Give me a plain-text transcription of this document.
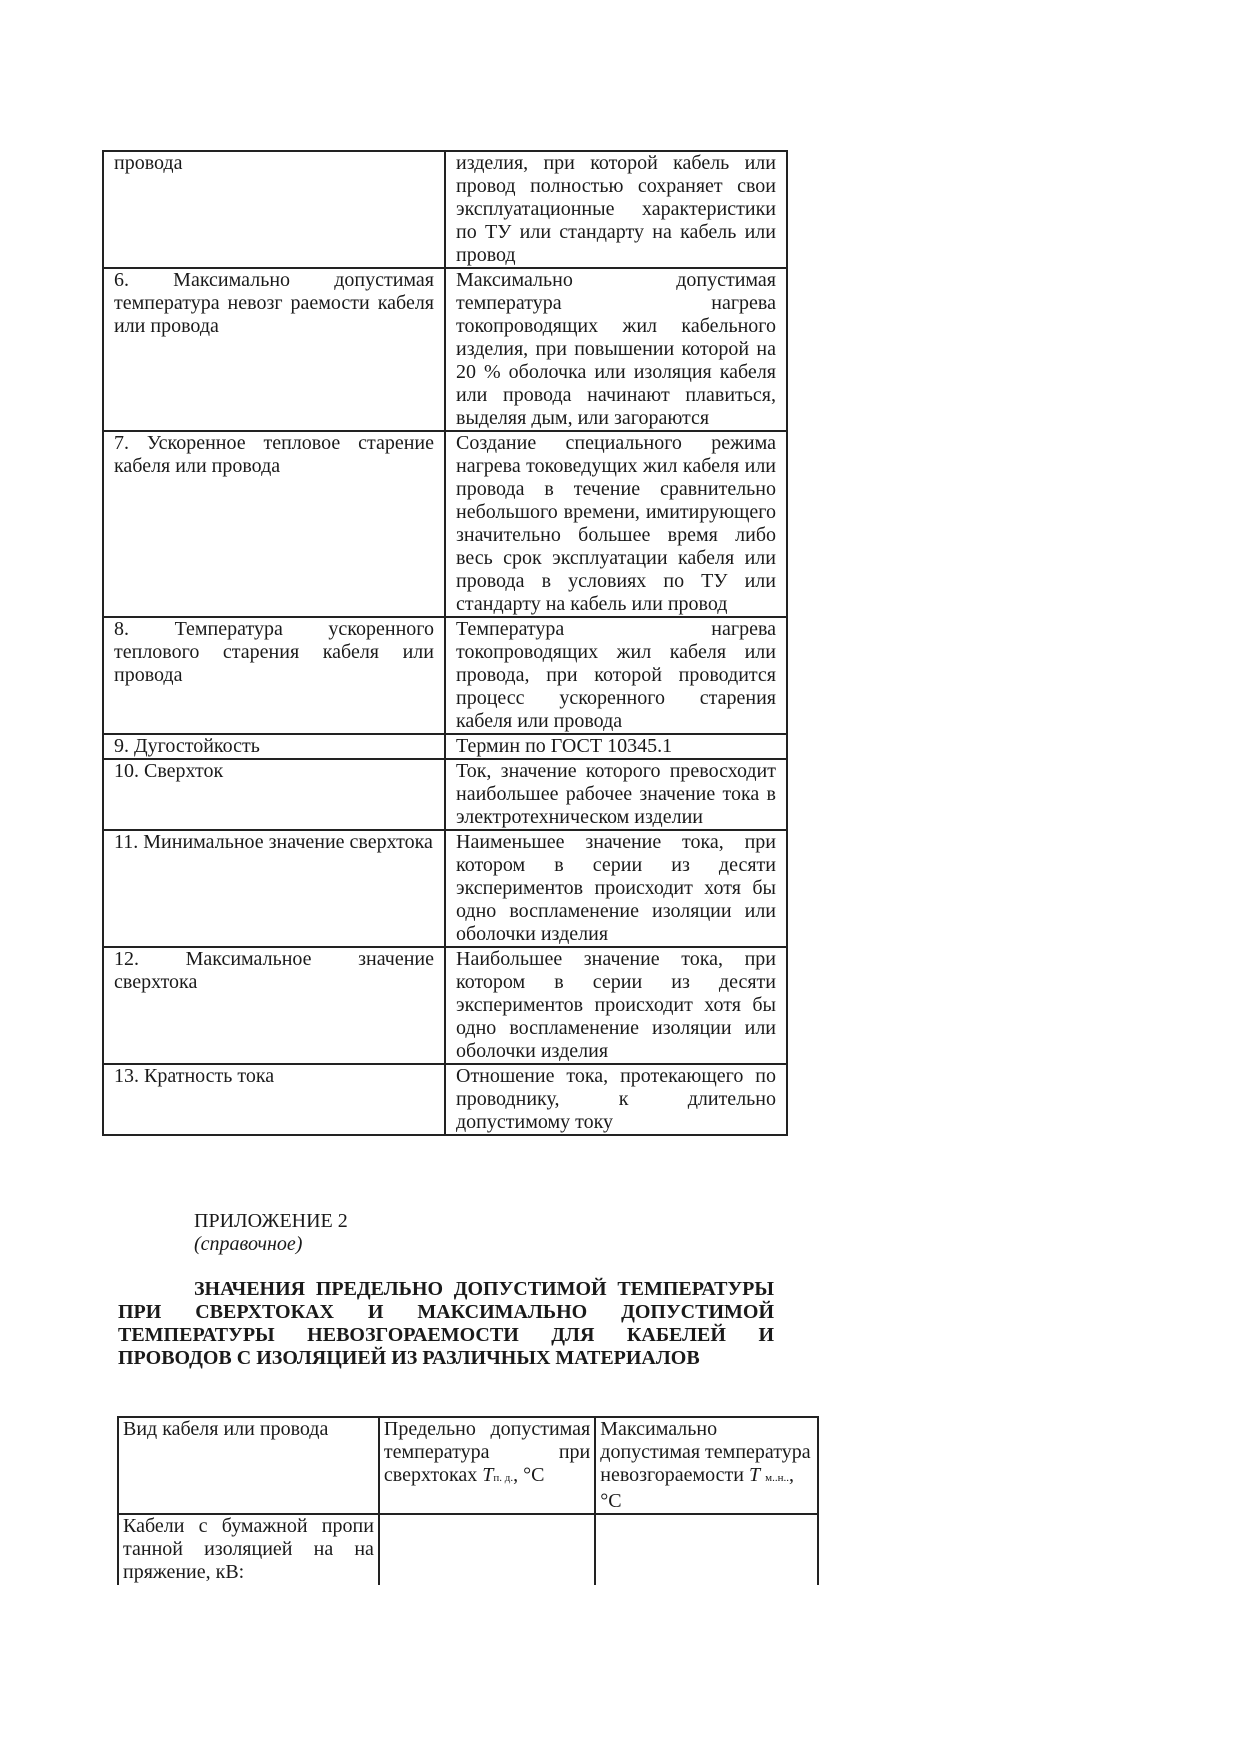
провода	изделия, при которой кабель или провод полностью сохраняет свои эксплуатационные характеристики по ТУ или стандарту на кабель или провод
6. Максимально допустимая температура невозг раемости кабеля или провода	Максимально допустимая температура нагрева токопроводящих жил кабельного изделия, при повышении которой на 20 % оболочка или изоляция кабеля или провода начинают плавиться, выделяя дым, или загораются
7. Ускоренное тепловое старение кабеля или провода	Создание специального режима нагрева токоведущих жил кабеля или провода в течение сравнительно небольшого времени, имитирующего значительно большее время либо весь срок эксплуатации кабеля или провода в условиях по ТУ или стандарту на кабель или провод
8. Температура ускоренного теплового старения кабеля или провода	Температура нагрева токопроводящих жил кабеля или провода, при которой проводится процесс ускоренного старения кабеля или провода
9. Дугостойкость	Термин по ГОСТ 10345.1
10. Сверхток	Ток, значение которого превосходит наибольшее рабочее значение тока в электротехническом изделии
11. Минимальное значение сверхтока	Наименьшее значение тока, при котором в серии из десяти экспериментов происходит хотя бы одно воспламенение изоляции или оболочки изделия
12. Максимальное значение сверхтока	Наибольшее значение тока, при котором в серии из десяти экспериментов происходит хотя бы одно воспламенение изоляции или оболочки изделия
13. Кратность тока	Отношение тока, протекающего по проводнику, к длительно допустимому току
ПРИЛОЖЕНИЕ 2
(справочное)
ЗНАЧЕНИЯ ПРЕДЕЛЬНО ДОПУСТИМОЙ ТЕМПЕРАТУРЫ ПРИ СВЕРХТОКАХ И МАКСИМАЛЬНО ДОПУСТИМОЙ ТЕМПЕРАТУРЫ НЕВОЗГОРАЕМОСТИ ДЛЯ КАБЕЛЕЙ И ПРОВОДОВ С ИЗОЛЯЦИЕЙ ИЗ РАЗЛИЧНЫХ МАТЕРИАЛОВ
Вид кабеля или провода	Предельно допустимая температура при сверхтоках Tп. д., °C	Максимально допустимая температура невозгораемости T м..н.., °C
Кабели с бумажной пропи танной изоляцией на на пряжение, кВ:		
